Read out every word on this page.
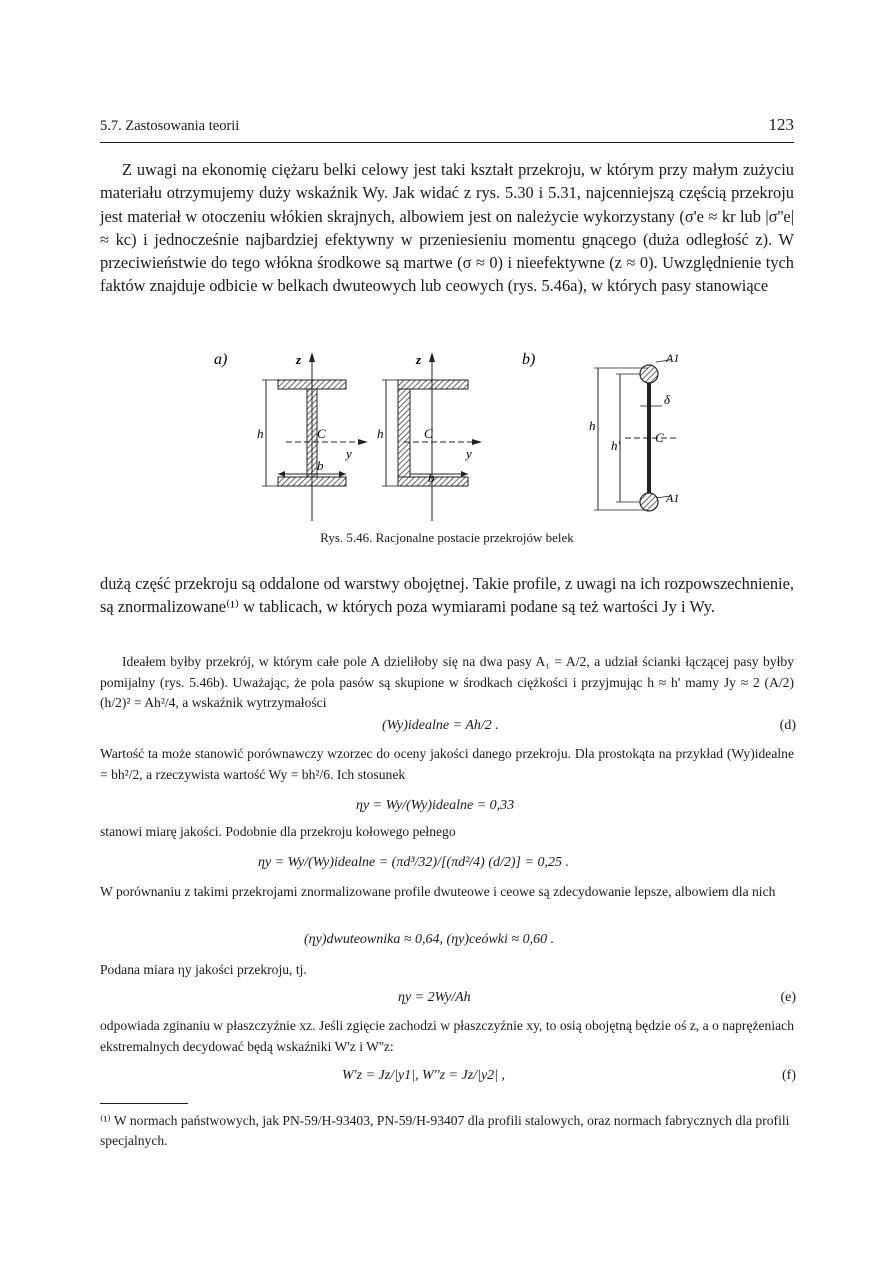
5.7. Zastosowania teorii	123

Z uwagi na ekonomię ciężaru belki celowy jest taki kształt przekroju, w którym przy małym zużyciu materiału otrzymujemy duży wskaźnik Wy. Jak widać z rys. 5.30 i 5.31, najcenniejszą częścią przekroju jest materiał w otoczeniu włókien skrajnych, albowiem jest on należycie wykorzystany (σ'e ≈ kr lub |σ''e| ≈ kc) i jednocześnie najbardziej efektywny w przeniesieniu momentu gnącego (duża odległość z). W przeciwieństwie do tego włókna środkowe są martwe (σ ≈ 0) i nieefektywne (z ≈ 0). Uwzględnienie tych faktów znajduje odbicie w belkach dwuteowych lub ceowych (rys. 5.46a), w których pasy stanowiące

a)	b)
z	z
h	C
y
b
h	C
y
b
h
h'
C
δ
A1
A1
Rys. 5.46. Racjonalne postacie przekrojów belek

dużą część przekroju są oddalone od warstwy obojętnej. Takie profile, z uwagi na ich rozpowszechnienie, są znormalizowane⁽¹⁾ w tablicach, w których poza wymiarami podane są też wartości Jy i Wy.

Ideałem byłby przekrój, w którym całe pole A dzieliłoby się na dwa pasy A₁ = A/2, a udział ścianki łączącej pasy byłby pomijalny (rys. 5.46b). Uważając, że pola pasów są skupione w środkach ciężkości i przyjmując h ≈ h' mamy Jy ≈ 2 (A/2) (h/2)² = Ah²/4, a wskaźnik wytrzymałości

(Wy)idealne = Ah/2 .	(d)

Wartość ta może stanowić porównawczy wzorzec do oceny jakości danego przekroju. Dla prostokąta na przykład (Wy)idealne = bh²/2, a rzeczywista wartość Wy = bh²/6. Ich stosunek

ηy = Wy/(Wy)idealne = 0,33

stanowi miarę jakości. Podobnie dla przekroju kołowego pełnego

ηy = Wy/(Wy)idealne = (πd³/32)/[(πd²/4) (d/2)] = 0,25 .

W porównaniu z takimi przekrojami znormalizowane profile dwuteowe i ceowe są zdecydowanie lepsze, albowiem dla nich

(ηy)dwuteownika ≈ 0,64, (ηy)ceówki ≈ 0,60 .

Podana miara ηy jakości przekroju, tj.

ηy = 2Wy/Ah	(e)

odpowiada zginaniu w płaszczyźnie xz. Jeśli zgięcie zachodzi w płaszczyźnie xy, to osią obojętną będzie oś z, a o naprężeniach ekstremalnych decydować będą wskaźniki W'z i W''z:

W'z = Jz/|y1|, W''z = Jz/|y2| ,	(f)
⁽¹⁾ W normach państwowych, jak PN-59/H-93403, PN-59/H-93407 dla profili stalowych, oraz normach fabrycznych dla profili specjalnych.
